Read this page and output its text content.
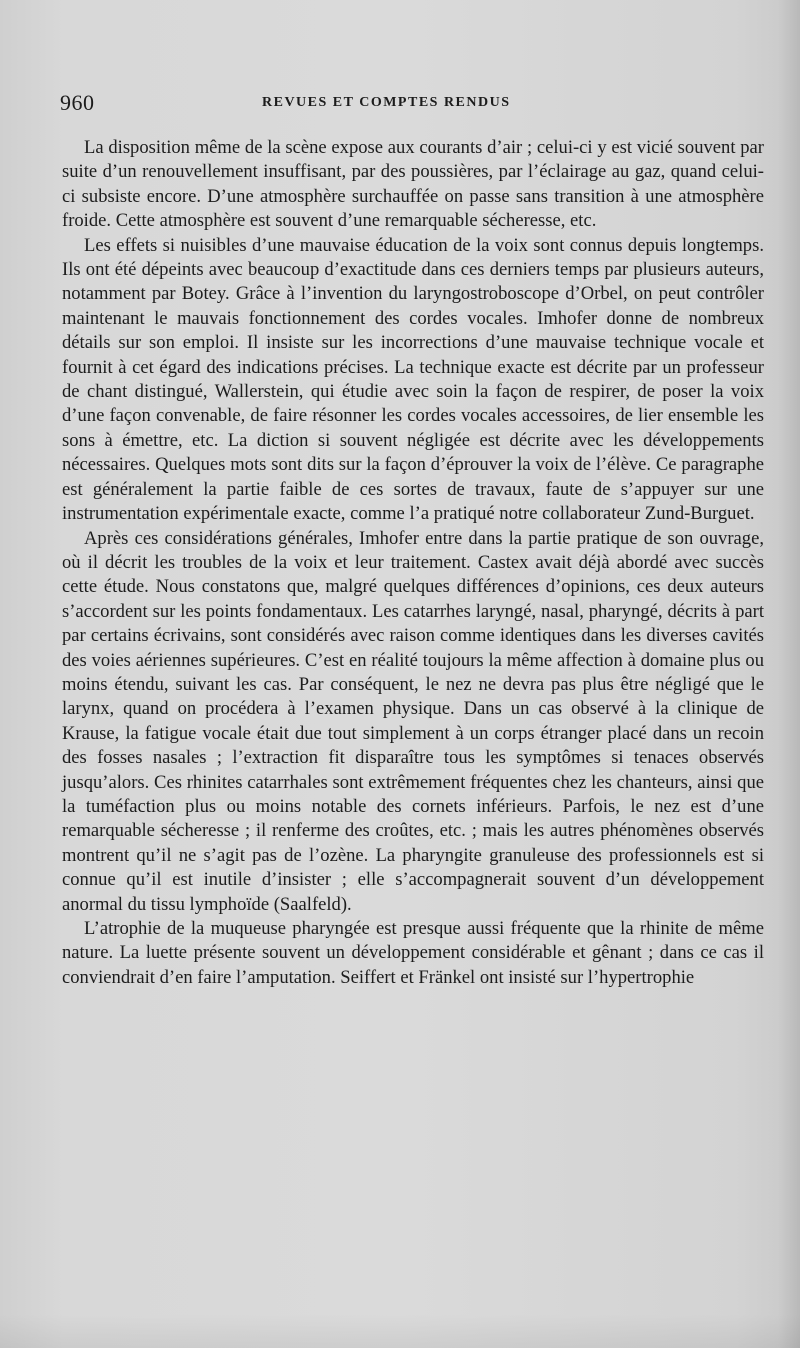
960	REVUES ET COMPTES RENDUS

La disposition même de la scène expose aux courants d’air ; celui-ci y est vicié souvent par suite d’un renouvellement insuffisant, par des poussières, par l’éclairage au gaz, quand celui-ci subsiste encore. D’une atmosphère surchauffée on passe sans transition à une atmosphère froide. Cette atmosphère est souvent d’une remarquable sécheresse, etc.

Les effets si nuisibles d’une mauvaise éducation de la voix sont connus depuis longtemps. Ils ont été dépeints avec beaucoup d’exactitude dans ces derniers temps par plusieurs auteurs, notamment par Botey. Grâce à l’invention du laryngostroboscope d’Orbel, on peut contrôler maintenant le mauvais fonctionnement des cordes vocales. Imhofer donne de nombreux détails sur son emploi. Il insiste sur les incorrections d’une mauvaise technique vocale et fournit à cet égard des indications précises. La technique exacte est décrite par un professeur de chant distingué, Wallerstein, qui étudie avec soin la façon de respirer, de poser la voix d’une façon convenable, de faire résonner les cordes vocales accessoires, de lier ensemble les sons à émettre, etc. La diction si souvent négligée est décrite avec les développements nécessaires. Quelques mots sont dits sur la façon d’éprouver la voix de l’élève. Ce paragraphe est généralement la partie faible de ces sortes de travaux, faute de s’appuyer sur une instrumentation expérimentale exacte, comme l’a pratiqué notre collaborateur Zund-Burguet.

Après ces considérations générales, Imhofer entre dans la partie pratique de son ouvrage, où il décrit les troubles de la voix et leur traitement. Castex avait déjà abordé avec succès cette étude. Nous constatons que, malgré quelques différences d’opinions, ces deux auteurs s’accordent sur les points fondamentaux. Les catarrhes laryngé, nasal, pharyngé, décrits à part par certains écrivains, sont considérés avec raison comme identiques dans les diverses cavités des voies aériennes supérieures. C’est en réalité toujours la même affection à domaine plus ou moins étendu, suivant les cas. Par conséquent, le nez ne devra pas plus être négligé que le larynx, quand on procédera à l’examen physique. Dans un cas observé à la clinique de Krause, la fatigue vocale était due tout simplement à un corps étranger placé dans un recoin des fosses nasales ; l’extraction fit disparaître tous les symptômes si tenaces observés jusqu’alors. Ces rhinites catarrhales sont extrêmement fréquentes chez les chanteurs, ainsi que la tuméfaction plus ou moins notable des cornets inférieurs. Parfois, le nez est d’une remarquable sécheresse ; il renferme des croûtes, etc. ; mais les autres phénomènes observés montrent qu’il ne s’agit pas de l’ozène. La pharyngite granuleuse des professionnels est si connue qu’il est inutile d’insister ; elle s’accompagnerait souvent d’un développement anormal du tissu lymphoïde (Saalfeld).

L’atrophie de la muqueuse pharyngée est presque aussi fréquente que la rhinite de même nature. La luette présente souvent un développement considérable et gênant ; dans ce cas il conviendrait d’en faire l’amputation. Seiffert et Fränkel ont insisté sur l’hypertrophie
